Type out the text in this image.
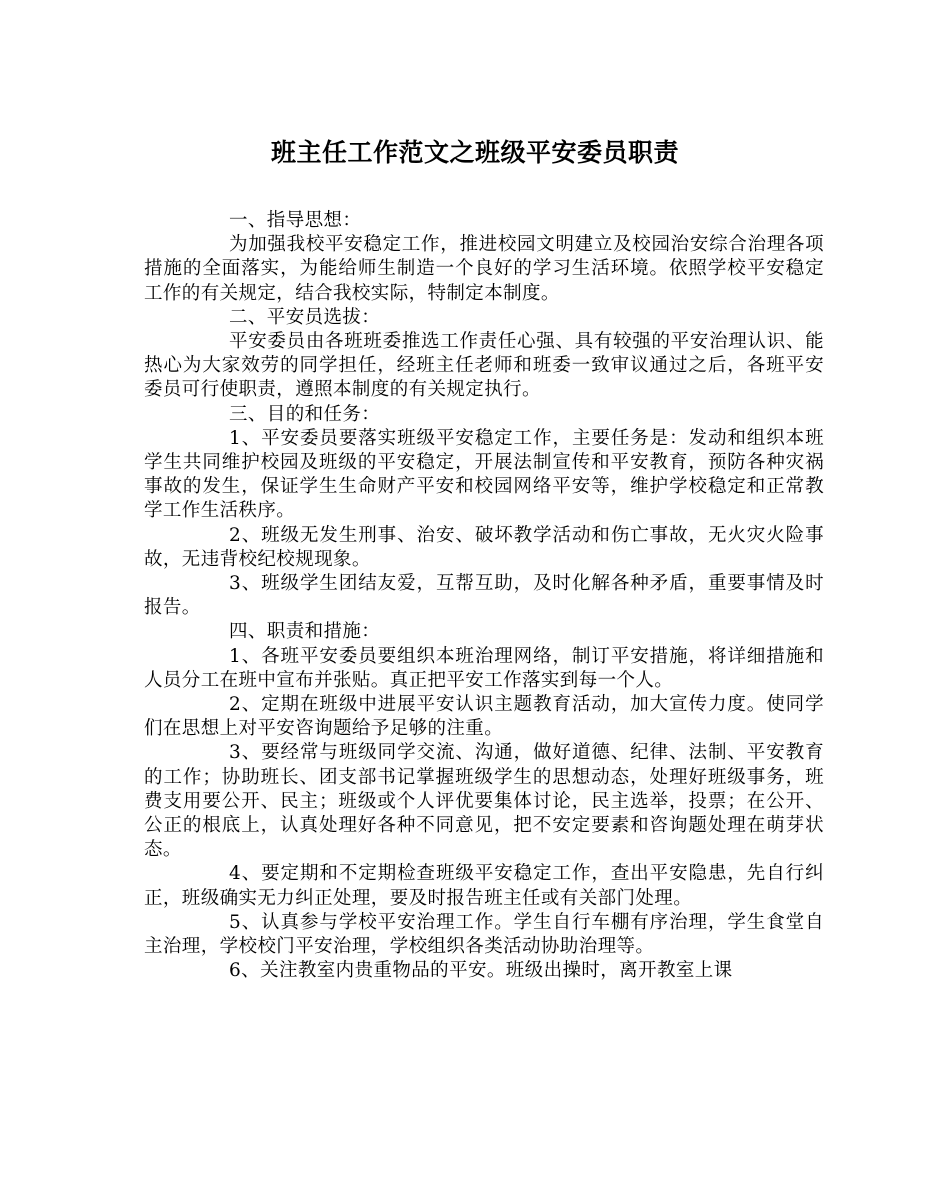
班主任工作范文之班级平安委员职责

一、指导思想：

为加强我校平安稳定工作，推进校园文明建立及校园治安综合治理各项措施的全面落实，为能给师生制造一个良好的学习生活环境。依照学校平安稳定工作的有关规定，结合我校实际，特制定本制度。

二、平安员选拔：

平安委员由各班班委推选工作责任心强、具有较强的平安治理认识、能热心为大家效劳的同学担任，经班主任老师和班委一致审议通过之后，各班平安委员可行使职责，遵照本制度的有关规定执行。

三、目的和任务：

1、平安委员要落实班级平安稳定工作，主要任务是：发动和组织本班学生共同维护校园及班级的平安稳定，开展法制宣传和平安教育，预防各种灾祸事故的发生，保证学生生命财产平安和校园网络平安等，维护学校稳定和正常教学工作生活秩序。

2、班级无发生刑事、治安、破坏教学活动和伤亡事故，无火灾火险事故，无违背校纪校规现象。

3、班级学生团结友爱，互帮互助，及时化解各种矛盾，重要事情及时报告。

四、职责和措施：

1、各班平安委员要组织本班治理网络，制订平安措施，将详细措施和人员分工在班中宣布并张贴。真正把平安工作落实到每一个人。

2、定期在班级中进展平安认识主题教育活动，加大宣传力度。使同学们在思想上对平安咨询题给予足够的注重。

3、要经常与班级同学交流、沟通，做好道德、纪律、法制、平安教育的工作；协助班长、团支部书记掌握班级学生的思想动态，处理好班级事务，班费支用要公开、民主；班级或个人评优要集体讨论，民主选举，投票；在公开、公正的根底上，认真处理好各种不同意见，把不安定要素和咨询题处理在萌芽状态。

4、要定期和不定期检查班级平安稳定工作，查出平安隐患，先自行纠正，班级确实无力纠正处理，要及时报告班主任或有关部门处理。

5、认真参与学校平安治理工作。学生自行车棚有序治理，学生食堂自主治理，学校校门平安治理，学校组织各类活动协助治理等。

6、关注教室内贵重物品的平安。班级出操时，离开教室上课
